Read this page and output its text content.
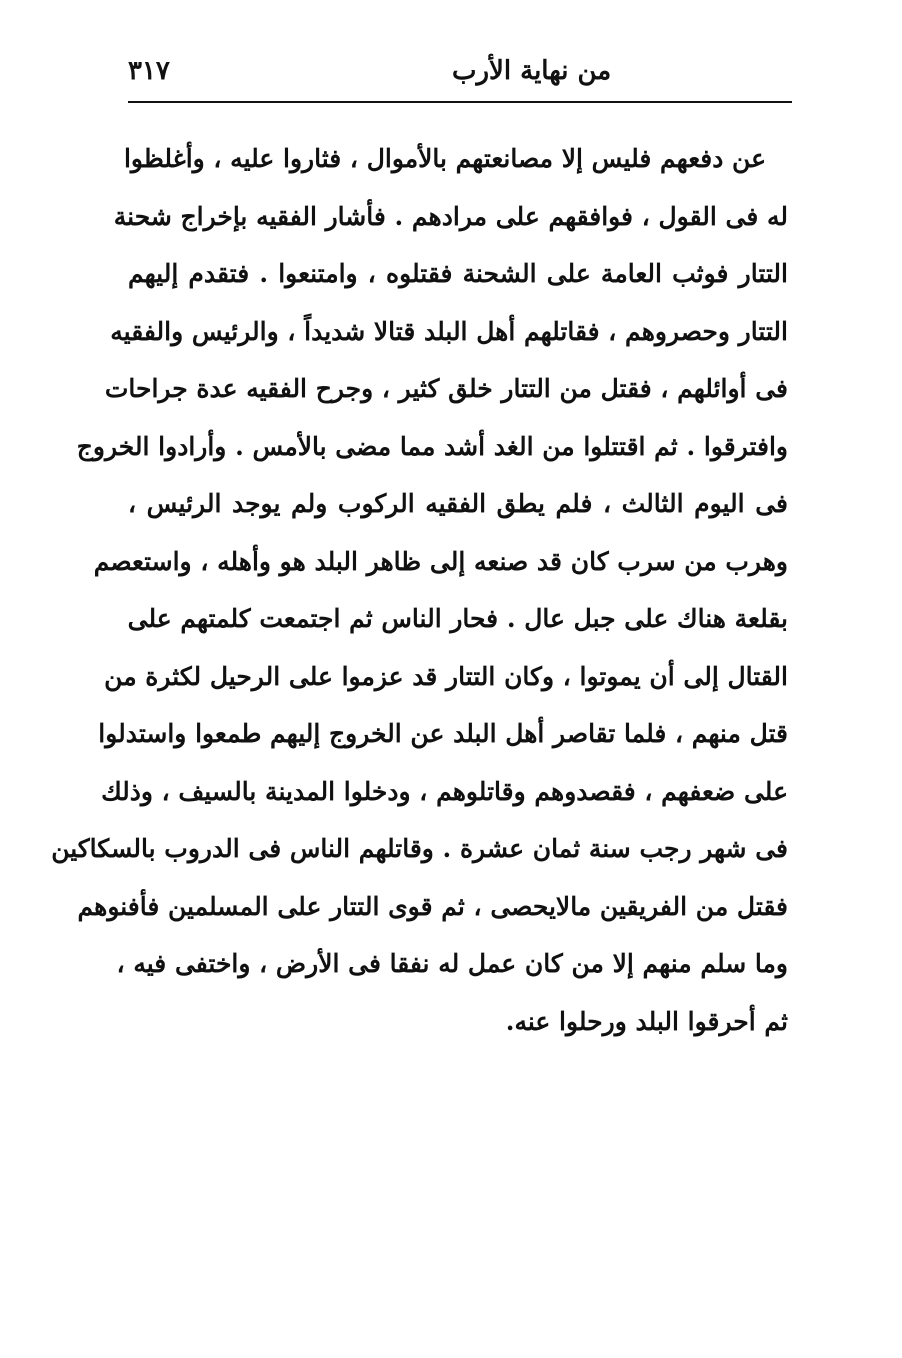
من نهاية الأرب
٣١٧
عن دفعهم فليس إلا مصانعتهم بالأموال ، فثاروا عليه ، وأغلظوا
له فى القول ، فوافقهم على مرادهم . فأشار الفقيه بإخراج شحنة
التتار فوثب العامة على الشحنة فقتلوه ، وامتنعوا . فتقدم إليهم
التتار وحصروهم ، فقاتلهم أهل البلد قتالا شديداً ، والرئيس والفقيه
فى أوائلهم ، فقتل من التتار خلق كثير ، وجرح الفقيه عدة جراحات
وافترقوا . ثم اقتتلوا من الغد أشد مما مضى بالأمس . وأرادوا الخروج
فى اليوم الثالث ، فلم يطق الفقيه الركوب ولم يوجد الرئيس ،
وهرب من سرب كان قد صنعه إلى ظاهر البلد هو وأهله ، واستعصم
بقلعة هناك على جبل عال . فحار الناس ثم اجتمعت كلمتهم على
القتال إلى أن يموتوا ، وكان التتار قد عزموا على الرحيل لكثرة من
قتل منهم ، فلما تقاصر أهل البلد عن الخروج إليهم طمعوا واستدلوا
على ضعفهم ، فقصدوهم وقاتلوهم ، ودخلوا المدينة بالسيف ، وذلك
فى شهر رجب سنة ثمان عشرة . وقاتلهم الناس فى الدروب بالسكاكين
فقتل من الفريقين مالايحصى ، ثم قوى التتار على المسلمين فأفنوهم
وما سلم منهم إلا من كان عمل له نفقا فى الأرض ، واختفى فيه ،
ثم أحرقوا البلد ورحلوا عنه.
